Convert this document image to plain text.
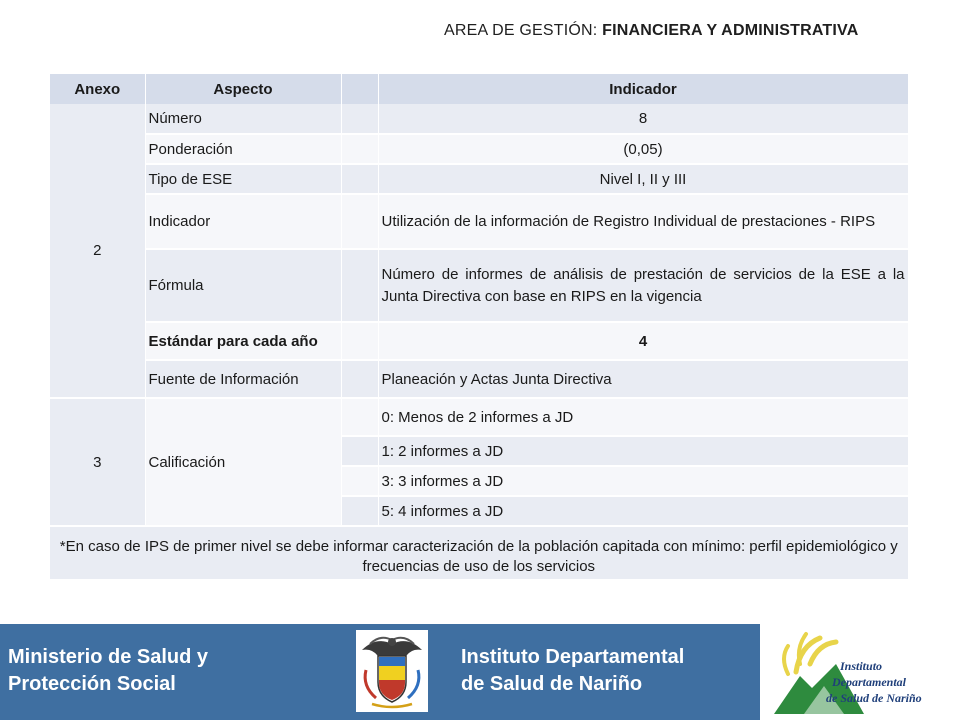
AREA DE GESTIÓN: FINANCIERA Y ADMINISTRATIVA
Anexo	Aspecto		Indicador
2	Número		8
	Ponderación		(0,05)
	Tipo de ESE		Nivel I, II y III
	Indicador		Utilización de la información de Registro Individual de prestaciones - RIPS
	Fórmula		Número de informes de análisis de prestación de servicios de la ESE a la Junta Directiva con base en RIPS en la vigencia
	Estándar para cada año		4
	Fuente de Información		Planeación y Actas Junta Directiva
3	Calificación		0: Menos de 2 informes a JD
			1: 2 informes a JD
			3: 3 informes a JD
			5: 4 informes a JD
*En caso de IPS de primer nivel se debe informar caracterización de la población capitada con mínimo: perfil epidemiológico y frecuencias de uso de los servicios			
Ministerio de Salud y
Protección Social
Instituto Departamental
de Salud de Nariño
Instituto
Departamental
de Salud de Nariño
